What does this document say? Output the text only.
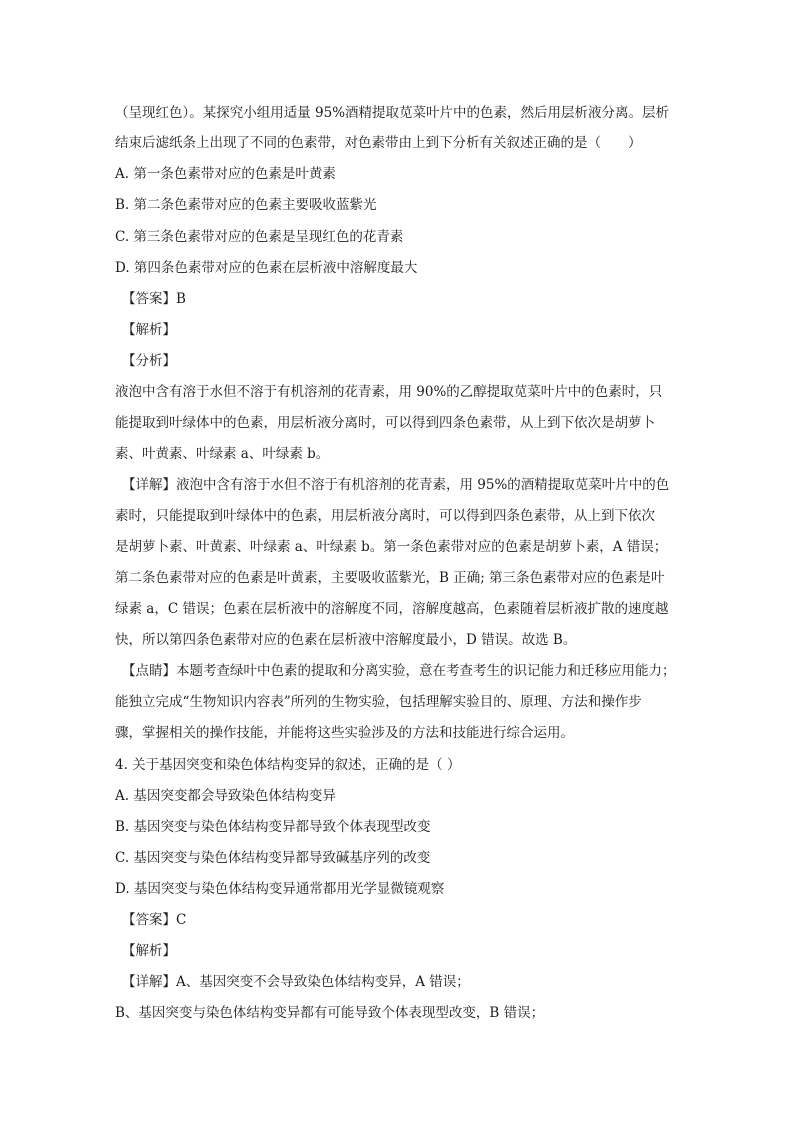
（呈现红色）。某探究小组用适量 95%酒精提取苋菜叶片中的色素，然后用层析液分离。层析
结束后滤纸条上出现了不同的色素带，对色素带由上到下分析有关叙述正确的是（　　）
A. 第一条色素带对应的色素是叶黄素
B. 第二条色素带对应的色素主要吸收蓝紫光
C. 第三条色素带对应的色素是呈现红色的花青素
D. 第四条色素带对应的色素在层析液中溶解度最大
【答案】B
【解析】
【分析】
液泡中含有溶于水但不溶于有机溶剂的花青素，用 90%的乙醇提取苋菜叶片中的色素时，只
能提取到叶绿体中的色素，用层析液分离时，可以得到四条色素带，从上到下依次是胡萝卜
素、叶黄素、叶绿素 a、叶绿素 b。
【详解】液泡中含有溶于水但不溶于有机溶剂的花青素，用 95%的酒精提取苋菜叶片中的色
素时，只能提取到叶绿体中的色素，用层析液分离时，可以得到四条色素带，从上到下依次
是胡萝卜素、叶黄素、叶绿素 a、叶绿素 b。第一条色素带对应的色素是胡萝卜素，A 错误；
第二条色素带对应的色素是叶黄素，主要吸收蓝紫光，B 正确; 第三条色素带对应的色素是叶
绿素 a，C 错误；色素在层析液中的溶解度不同，溶解度越高，色素随着层析液扩散的速度越
快，所以第四条色素带对应的色素在层析液中溶解度最小，D 错误。故选 B。
【点睛】本题考查绿叶中色素的提取和分离实验，意在考查考生的识记能力和迁移应用能力；
能独立完成“生物知识内容表”所列的生物实验，包括理解实验目的、原理、方法和操作步
骤，掌握相关的操作技能，并能将这些实验涉及的方法和技能进行综合运用。
4. 关于基因突变和染色体结构变异的叙述，正确的是（ ）
A. 基因突变都会导致染色体结构变异
B. 基因突变与染色体结构变异都导致个体表现型改变
C. 基因突变与染色体结构变异都导致碱基序列的改变
D. 基因突变与染色体结构变异通常都用光学显微镜观察
【答案】C
【解析】
【详解】A、基因突变不会导致染色体结构变异，A 错误；
B、基因突变与染色体结构变异都有可能导致个体表现型改变，B 错误；
